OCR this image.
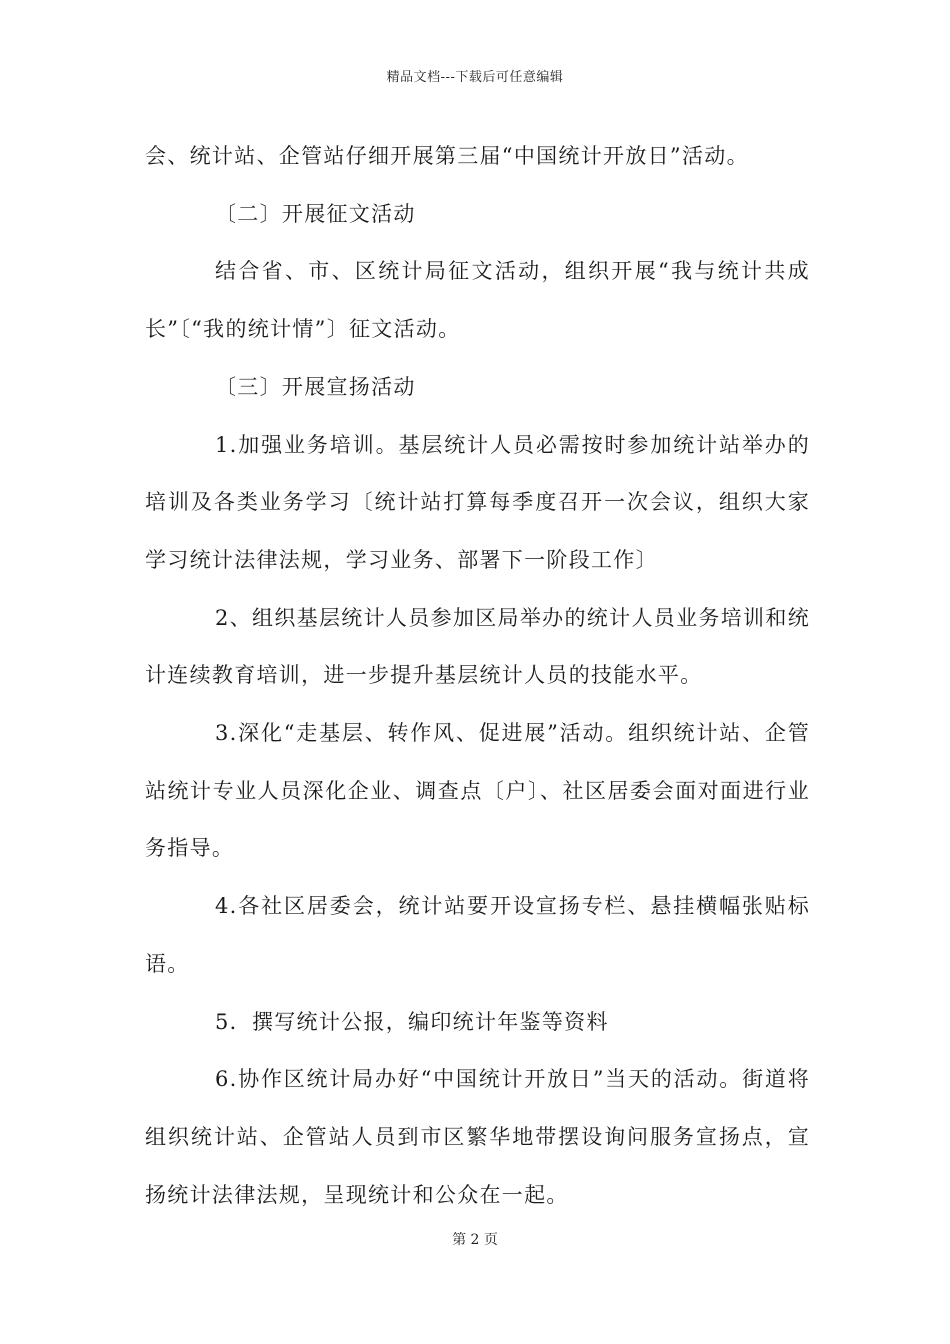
精品文档---下载后可任意编辑

会、统计站、企管站仔细开展第三届“中国统计开放日”活动。

〔二〕开展征文活动

结合省、市、区统计局征文活动，组织开展“我与统计共成长”〔“我的统计情”〕征文活动。

〔三〕开展宣扬活动

1.加强业务培训。基层统计人员必需按时参加统计站举办的培训及各类业务学习〔统计站打算每季度召开一次会议，组织大家学习统计法律法规，学习业务、部署下一阶段工作〕

2、组织基层统计人员参加区局举办的统计人员业务培训和统计连续教育培训，进一步提升基层统计人员的技能水平。

3.深化“走基层、转作风、促进展”活动。组织统计站、企管站统计专业人员深化企业、调查点〔户〕、社区居委会面对面进行业务指导。

4.各社区居委会，统计站要开设宣扬专栏、悬挂横幅张贴标语。

5．撰写统计公报，编印统计年鉴等资料

6.协作区统计局办好“中国统计开放日”当天的活动。街道将组织统计站、企管站人员到市区繁华地带摆设询问服务宣扬点，宣扬统计法律法规，呈现统计和公众在一起。

第 2 页
